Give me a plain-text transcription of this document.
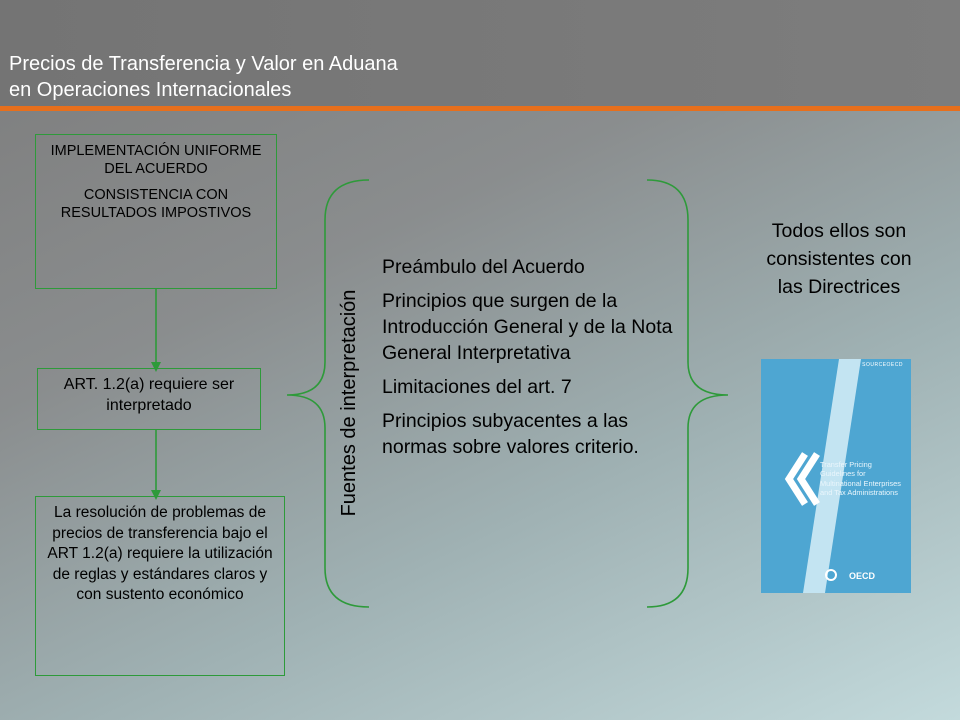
Precios de Transferencia y Valor en Aduana
en Operaciones Internacionales

IMPLEMENTACIÓN UNIFORME DEL ACUERDO

CONSISTENCIA CON RESULTADOS IMPOSTIVOS

ART. 1.2(a) requiere ser interpretado

La resolución de problemas de precios de transferencia bajo el ART 1.2(a) requiere la utilización de reglas y estándares claros y con sustento económico

Fuentes de interpretación
Preámbulo del Acuerdo
Principios que surgen de la Introducción General y de la Nota General Interpretativa
Limitaciones del art. 7
Principios subyacentes a las normas sobre valores criterio.

Todos ellos son consistentes con las Directrices

SOURCEOECD
Transfer Pricing Guidelines for Multinational Enterprises and Tax Administrations
OECD
